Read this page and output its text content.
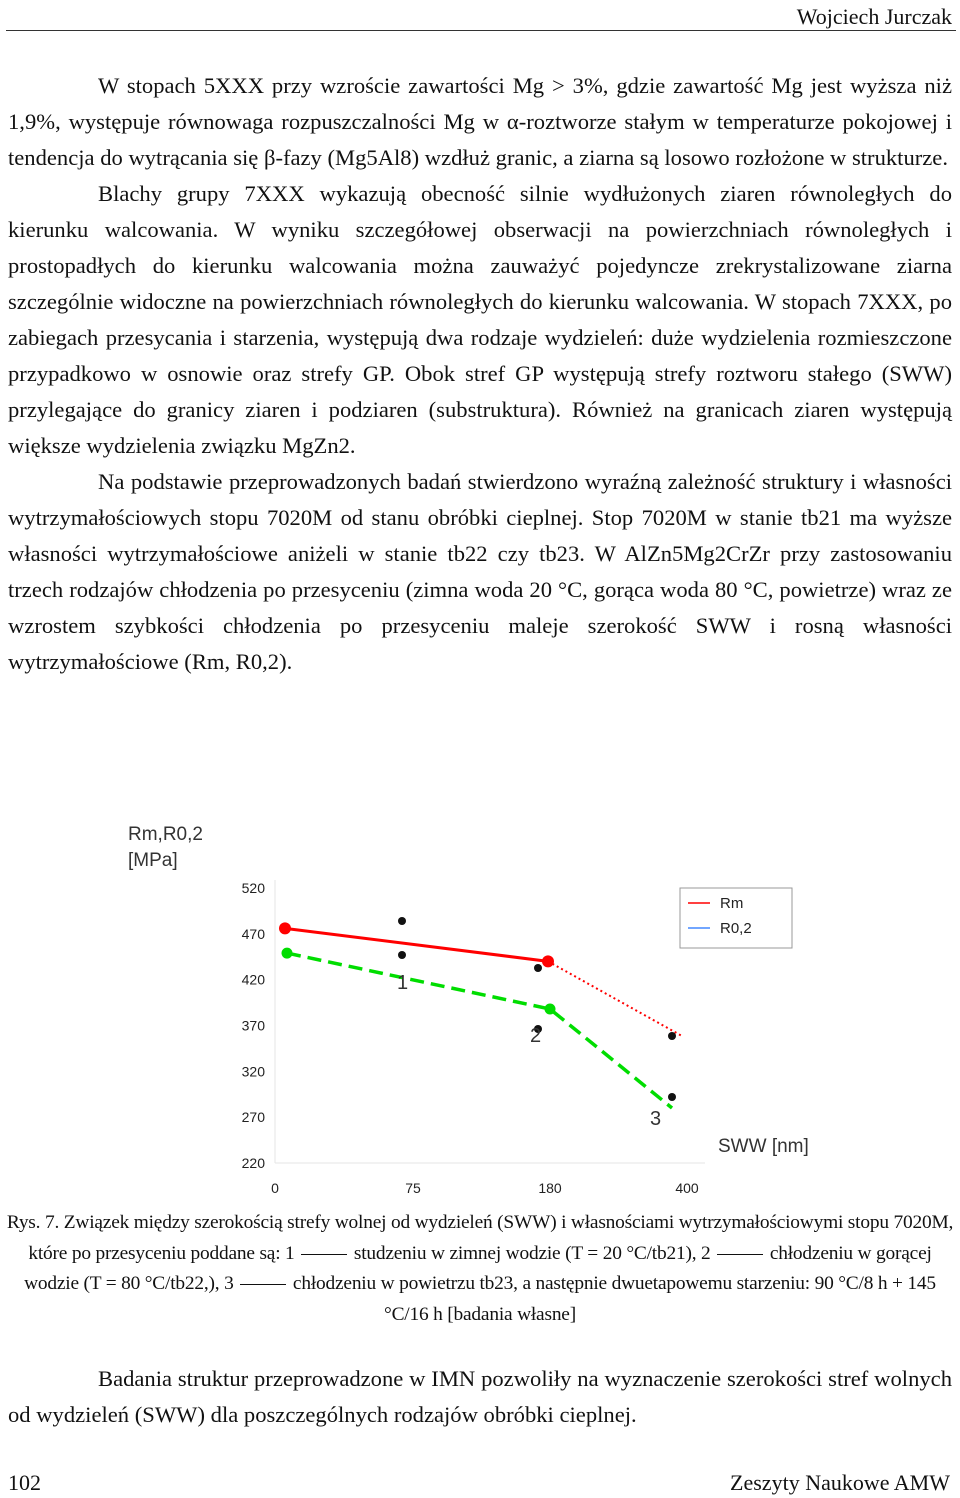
Wojciech Jurczak

W stopach 5XXX przy wzroście zawartości Mg > 3%, gdzie zawartość Mg jest wyższa niż 1,9%, występuje równowaga rozpuszczalności Mg w α-roztworze stałym w temperaturze pokojowej i tendencja do wytrącania się β-fazy (Mg5Al8) wzdłuż granic, a ziarna są losowo rozłożone w strukturze.

Blachy grupy 7XXX wykazują obecność silnie wydłużonych ziaren równoległych do kierunku walcowania. W wyniku szczegółowej obserwacji na powierzchniach równoległych i prostopadłych do kierunku walcowania można zauważyć pojedyncze zrekrystalizowane ziarna szczególnie widoczne na powierzchniach równoległych do kierunku walcowania. W stopach 7XXX, po zabiegach przesycania i starzenia, występują dwa rodzaje wydzieleń: duże wydzielenia rozmieszczone przypadkowo w osnowie oraz strefy GP. Obok stref GP występują strefy roztworu stałego (SWW) przylegające do granicy ziaren i podziaren (substruktura). Również na granicach ziaren występują większe wydzielenia związku MgZn2.

Na podstawie przeprowadzonych badań stwierdzono wyraźną zależność struktury i własności wytrzymałościowych stopu 7020M od stanu obróbki cieplnej. Stop 7020M w stanie tb21 ma wyższe własności wytrzymałościowe aniżeli w stanie tb22 czy tb23. W AlZn5Mg2CrZr przy zastosowaniu trzech rodzajów chłodzenia po przesyceniu (zimna woda 20 °C, gorąca woda 80 °C, powietrze) wraz ze wzrostem szybkości chłodzenia po przesyceniu maleje szerokość SWW i rosną własności wytrzymałościowe (Rm, R0,2).

Rm,R0,2
[MPa]
520
470
420
370
320
270
220
0	75	180	400
SWW [nm]
1
2
3
Rm
R0,2
Rys. 7. Związek między szerokością strefy wolnej od wydzieleń (SWW) i własnościami wytrzymałościowymi stopu 7020M, które po przesyceniu poddane są: 1	studzeniu w zimnej wodzie (T = 20 °C/tb21), 2	chłodzeniu w gorącej wodzie (T = 80 °C/tb22,), 3	chłodzeniu w powietrzu tb23, a następnie dwuetapowemu starzeniu: 90 °C/8 h + 145 °C/16 h [badania własne]

Badania struktur przeprowadzone w IMN pozwoliły na wyznaczenie szerokości stref wolnych od wydzieleń (SWW) dla poszczególnych rodzajów obróbki cieplnej.

102	Zeszyty Naukowe AMW
